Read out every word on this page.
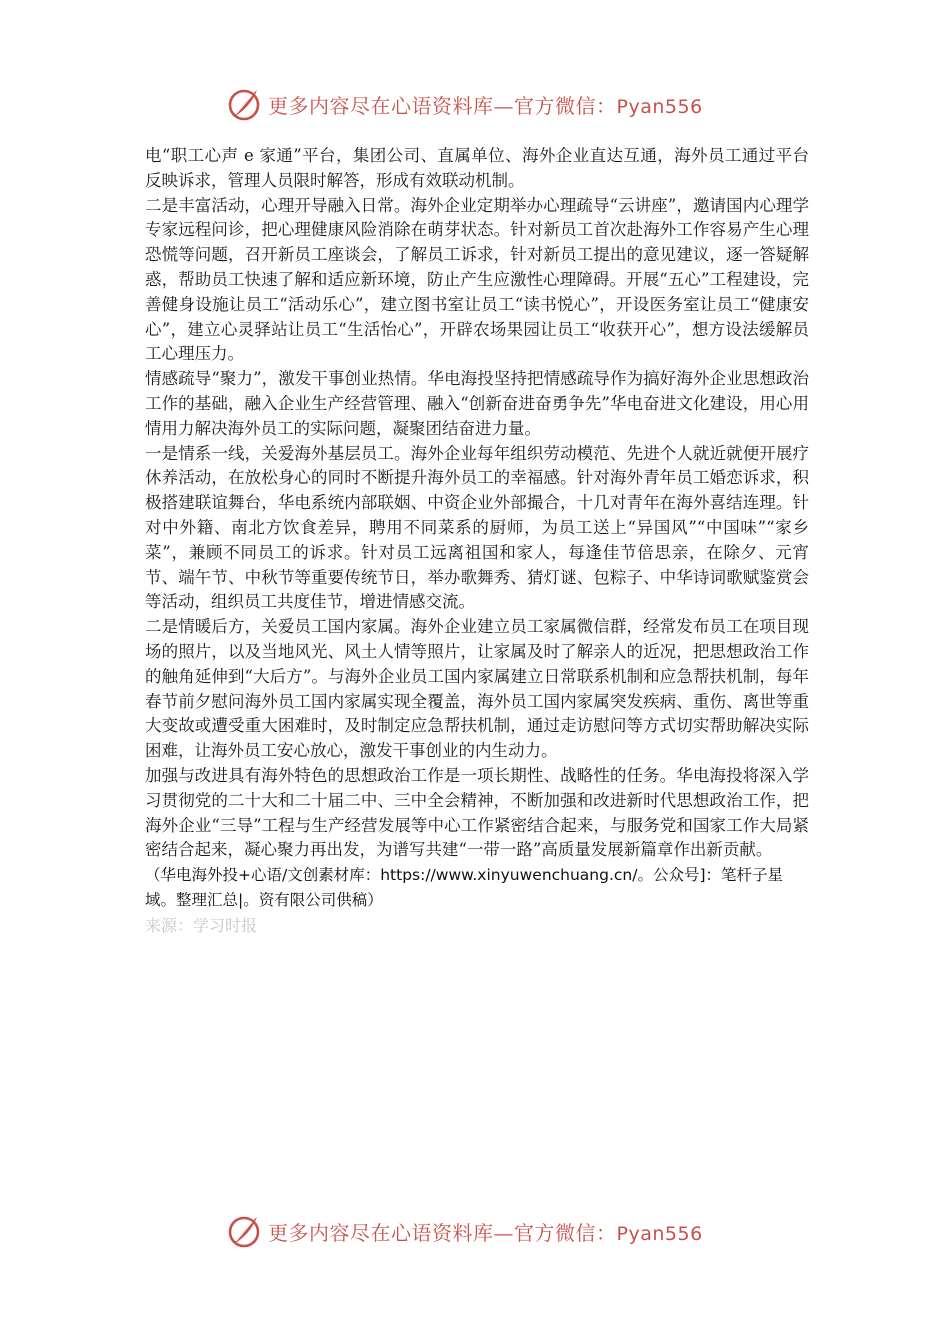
更多内容尽在心语资料库—官方微信：Pyan556

电“职工心声 e 家通”平台，集团公司、直属单位、海外企业直达互通，海外员工通过平台反映诉求，管理人员限时解答，形成有效联动机制。

二是丰富活动，心理开导融入日常。海外企业定期举办心理疏导“云讲座”，邀请国内心理学专家远程问诊，把心理健康风险消除在萌芽状态。针对新员工首次赴海外工作容易产生心理恐慌等问题，召开新员工座谈会，了解员工诉求，针对新员工提出的意见建议，逐一答疑解惑，帮助员工快速了解和适应新环境，防止产生应激性心理障碍。开展“五心”工程建设，完善健身设施让员工“活动乐心”，建立图书室让员工“读书悦心”，开设医务室让员工“健康安心”，建立心灵驿站让员工“生活怡心”，开辟农场果园让员工“收获开心”，想方设法缓解员工心理压力。

情感疏导“聚力”，激发干事创业热情。华电海投坚持把情感疏导作为搞好海外企业思想政治工作的基础，融入企业生产经营管理、融入“创新奋进奋勇争先”华电奋进文化建设，用心用情用力解决海外员工的实际问题，凝聚团结奋进力量。

一是情系一线，关爱海外基层员工。海外企业每年组织劳动模范、先进个人就近就便开展疗休养活动，在放松身心的同时不断提升海外员工的幸福感。针对海外青年员工婚恋诉求，积极搭建联谊舞台，华电系统内部联姻、中资企业外部撮合，十几对青年在海外喜结连理。针对中外籍、南北方饮食差异，聘用不同菜系的厨师，为员工送上“异国风”“中国味”“家乡菜”，兼顾不同员工的诉求。针对员工远离祖国和家人，每逢佳节倍思亲，在除夕、元宵节、端午节、中秋节等重要传统节日，举办歌舞秀、猜灯谜、包粽子、中华诗词歌赋鉴赏会等活动，组织员工共度佳节，增进情感交流。

二是情暖后方，关爱员工国内家属。海外企业建立员工家属微信群，经常发布员工在项目现场的照片，以及当地风光、风土人情等照片，让家属及时了解亲人的近况，把思想政治工作的触角延伸到“大后方”。与海外企业员工国内家属建立日常联系机制和应急帮扶机制，每年春节前夕慰问海外员工国内家属实现全覆盖，海外员工国内家属突发疾病、重伤、离世等重大变故或遭受重大困难时，及时制定应急帮扶机制，通过走访慰问等方式切实帮助解决实际困难，让海外员工安心放心，激发干事创业的内生动力。

加强与改进具有海外特色的思想政治工作是一项长期性、战略性的任务。华电海投将深入学习贯彻党的二十大和二十届二中、三中全会精神，不断加强和改进新时代思想政治工作，把海外企业“三导”工程与生产经营发展等中心工作紧密结合起来，与服务党和国家工作大局紧密结合起来，凝心聚力再出发，为谱写共建“一带一路”高质量发展新篇章作出新贡献。

（华电海外投+心语/文创素材库：https://www.xinyuwenchuang.cn/。公众号]：笔杆子星域。整理汇总|。资有限公司供稿）

来源：学习时报

更多内容尽在心语资料库—官方微信：Pyan556
